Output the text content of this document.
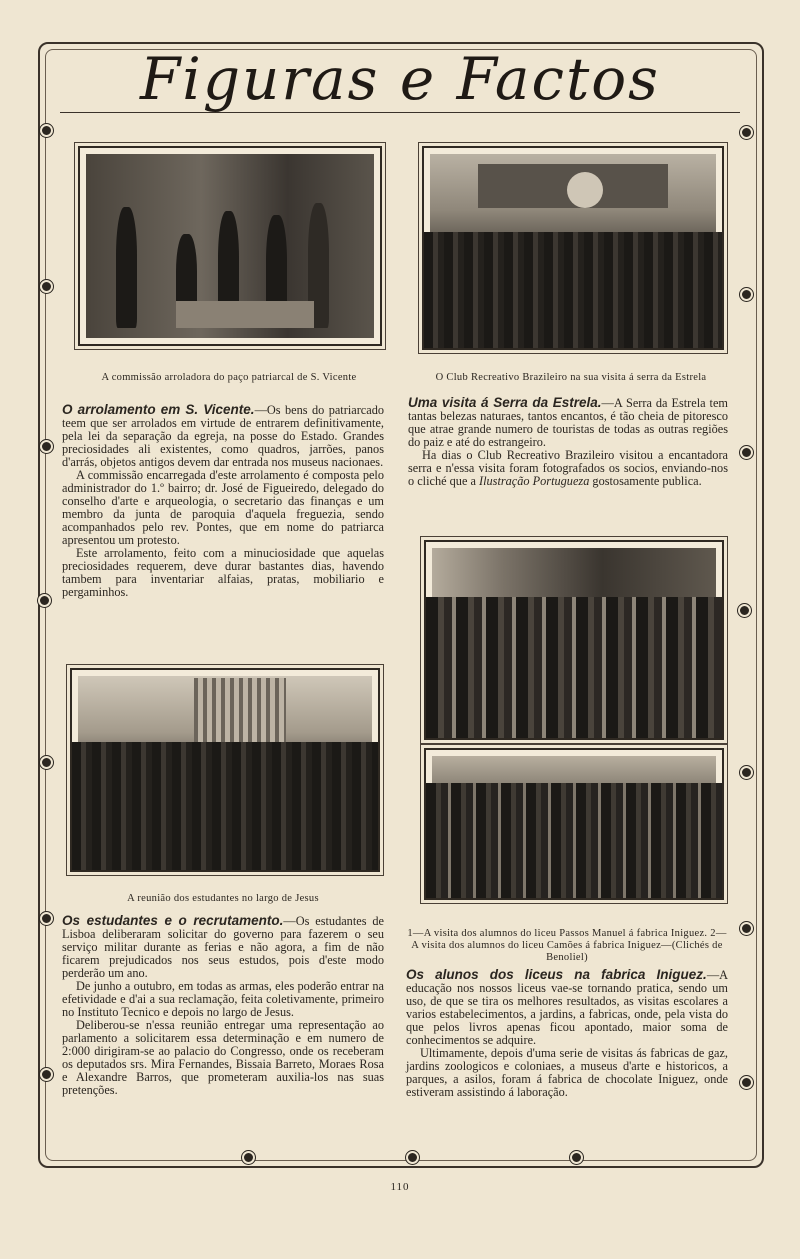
Figuras e Factos
A commissão arroladora do paço patriarcal de S. Vicente	O Club Recreativo Brazileiro na sua visita á serra da Estrela

O arrolamento em S. Vicente.—Os bens do patriarcado teem que ser arrolados em virtude de entrarem definitivamente, pela lei da separação da egreja, na posse do Estado. Grandes preciosidades ali existentes, como quadros, jarrões, panos d'arrás, objetos antigos devem dar entrada nos museus nacionaes.

A commissão encarregada d'este arrolamento é composta pelo administrador do 1.º bairro; dr. José de Figueiredo, delegado do conselho d'arte e arqueologia, o secretario das finanças e um membro da junta de paroquia d'aquela freguezia, sendo acompanhados pelo rev. Pontes, que em nome do patriarca apresentou um protesto.

Este arrolamento, feito com a minuciosidade que aquelas preciosidades requerem, deve durar bastantes dias, havendo tambem para inventariar alfaias, pratas, mobiliario e pergaminhos.

Uma visita á Serra da Estrela.—A Serra da Estrela tem tantas belezas naturaes, tantos encantos, é tão cheia de pitoresco que atrae grande numero de touristas de todas as outras regiões do paiz e até do estrangeiro.

Ha dias o Club Recreativo Brazileiro visitou a encantadora serra e n'essa visita foram fotografados os socios, enviando-nos o cliché que a Ilustração Portugueza gostosamente publica.

A reunião dos estudantes no largo de Jesus
1—A visita dos alumnos do liceu Passos Manuel á fabrica Iniguez. 2—A visita dos alumnos do liceu Camões á fabrica Iniguez—(Clichés de Benoliel)

Os estudantes e o recrutamento.—Os estudantes de Lisboa deliberaram solicitar do governo para fazerem o seu serviço militar durante as ferias e não agora, a fim de não ficarem prejudicados nos seus estudos, pois d'este modo perderão um ano.

De junho a outubro, em todas as armas, eles poderão entrar na efetividade e d'ai a sua reclamação, feita coletivamente, primeiro no Instituto Tecnico e depois no largo de Jesus.

Deliberou-se n'essa reunião entregar uma representação ao parlamento a solicitarem essa determinação e em numero de 2:000 dirigiram-se ao palacio do Congresso, onde os receberam os deputados srs. Mira Fernandes, Bissaia Barreto, Moraes Rosa e Alexandre Barros, que prometeram auxilia-los nas suas pretenções.

Os alunos dos liceus na fabrica Iniguez.—A educação nos nossos liceus vae-se tornando pratica, sendo um uso, de que se tira os melhores resultados, as visitas escolares a varios estabelecimentos, a jardins, a fabricas, onde, pela vista do que pelos livros apenas ficou apontado, maior soma de conhecimentos se adquire.

Ultimamente, depois d'uma serie de visitas ás fabricas de gaz, jardins zoologicos e coloniaes, a museus d'arte e historicos, a parques, a asilos, foram á fabrica de chocolate Iniguez, onde estiveram assistindo á laboração.

110
